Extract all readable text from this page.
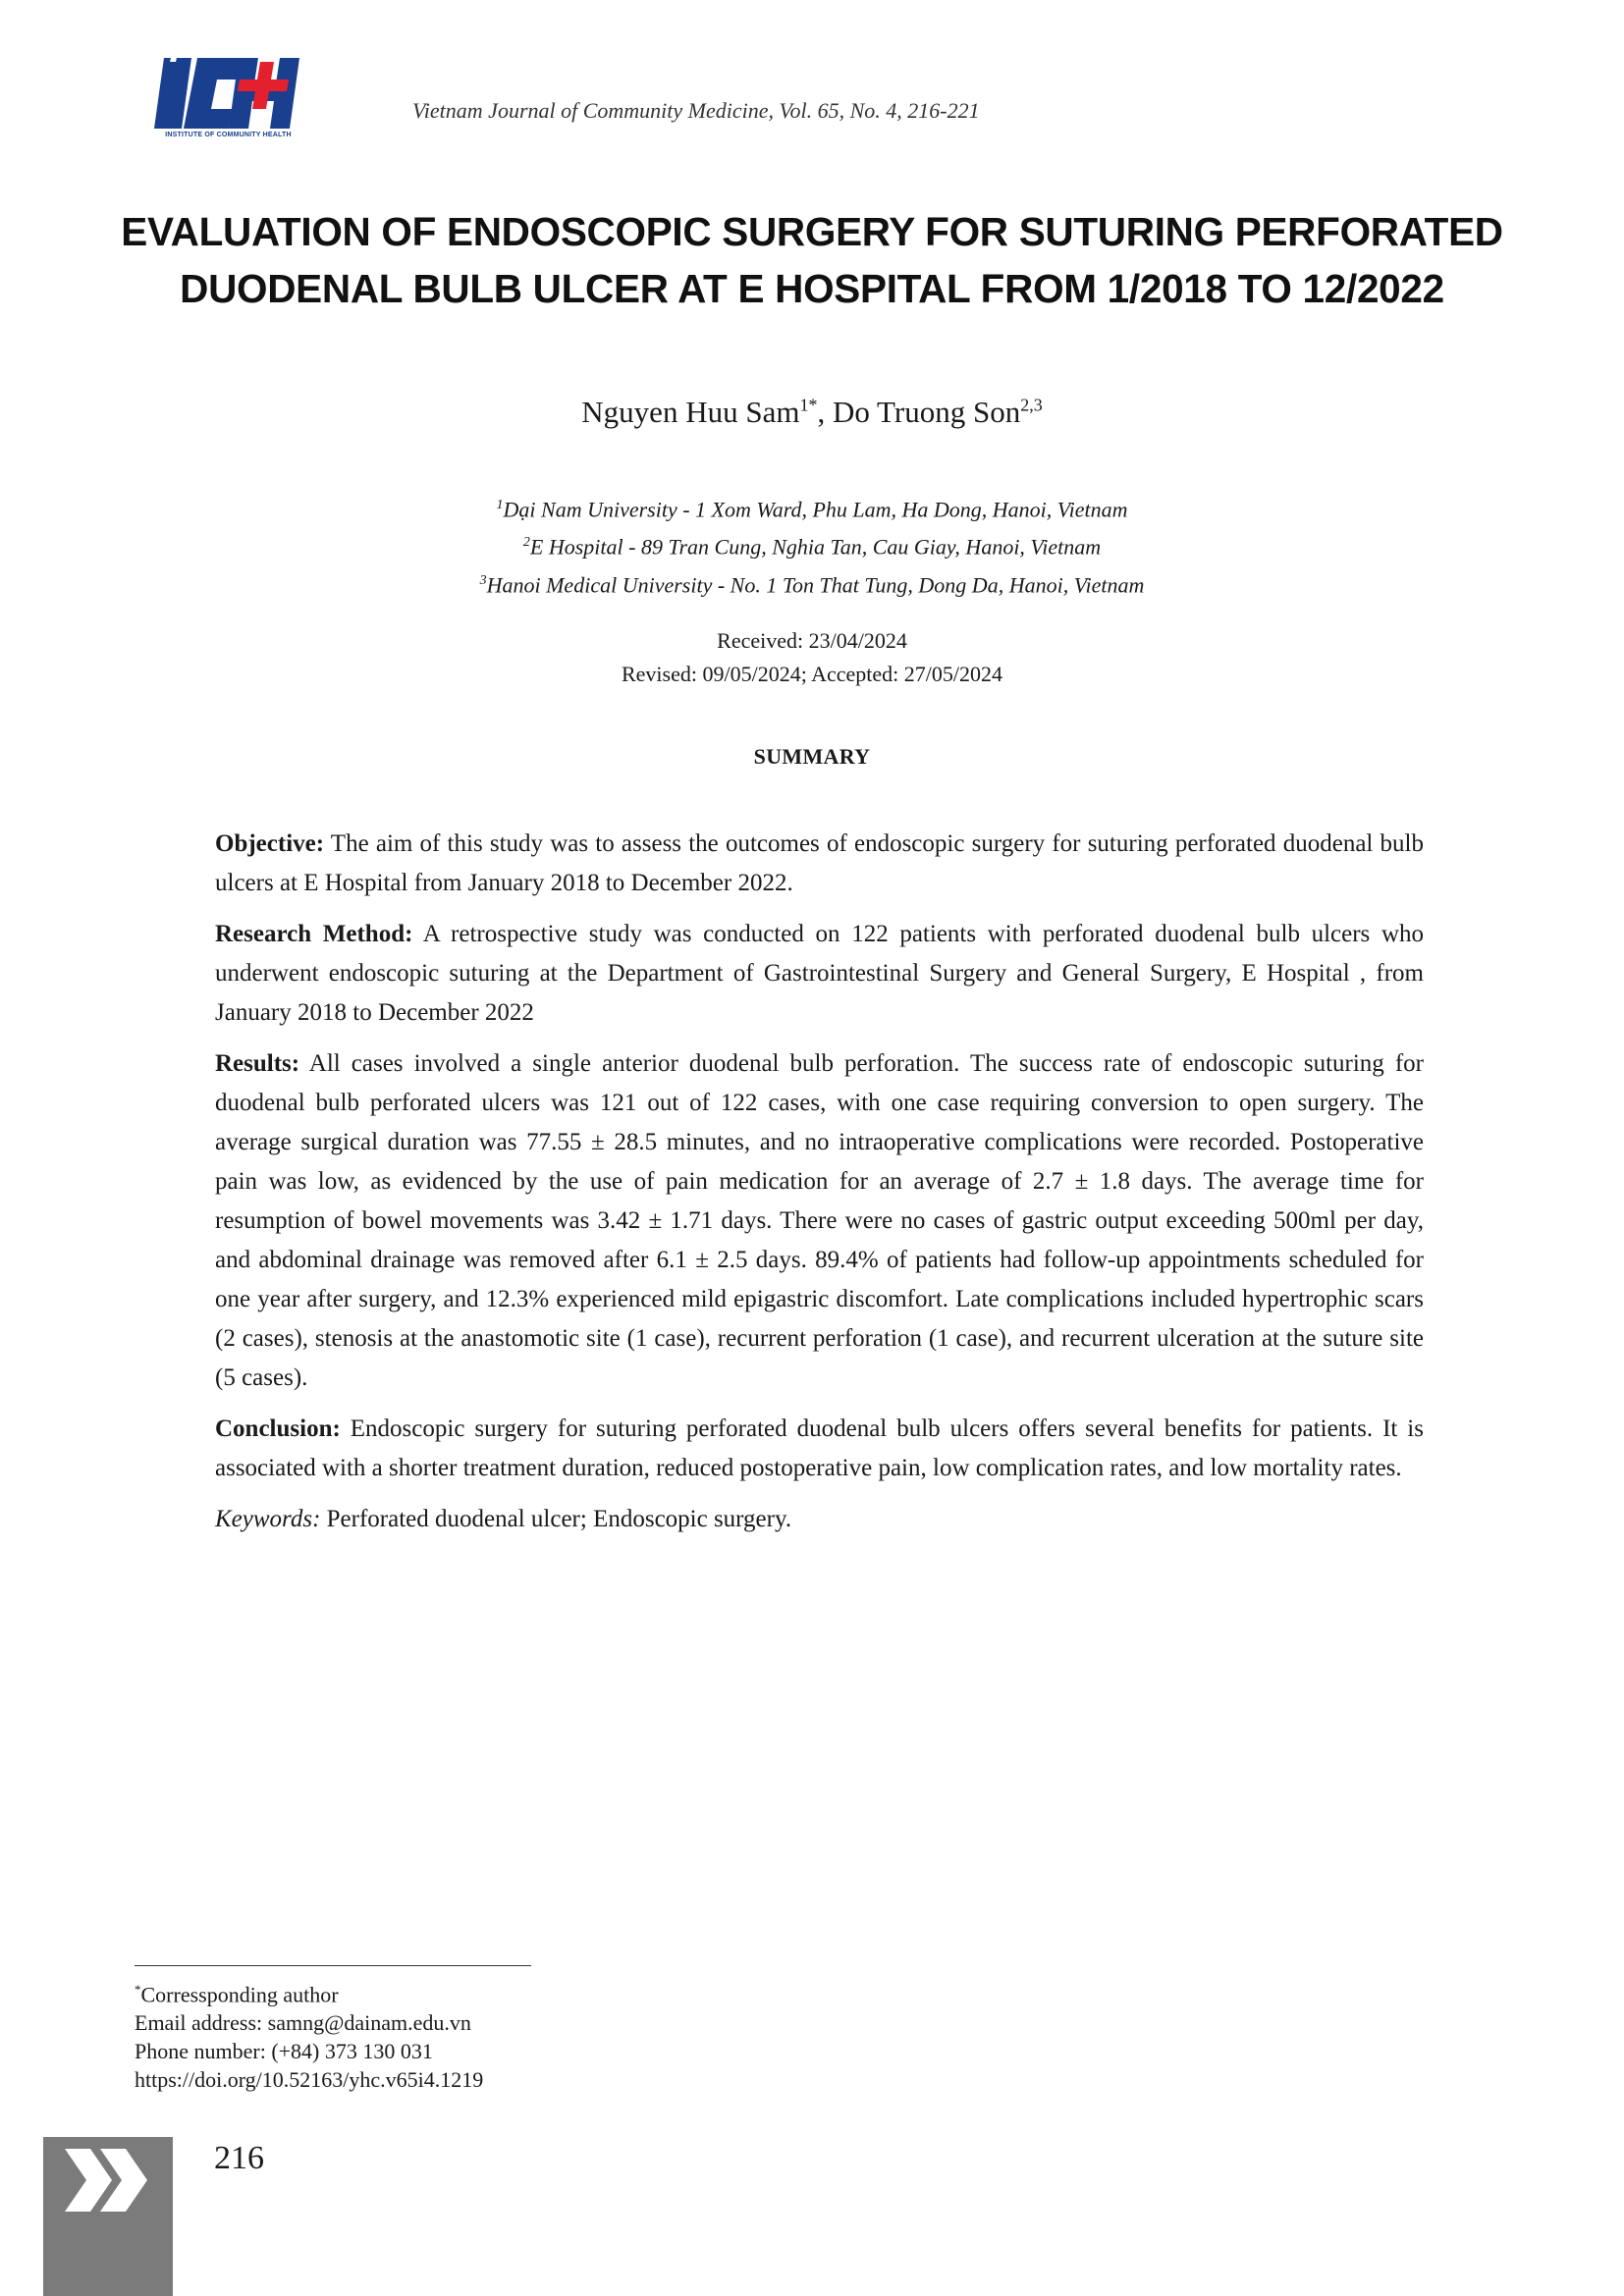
INSTITUTE OF COMMUNITY HEALTH
Vietnam Journal of Community Medicine, Vol. 65, No. 4, 216-221
EVALUATION OF ENDOSCOPIC SURGERY FOR SUTURING PERFORATED
DUODENAL BULB ULCER AT E HOSPITAL FROM 1/2018 TO 12/2022
Nguyen Huu Sam$^{1*}$, Do Truong Son$^{2,3}$
$^1$Dại Nam University - 1 Xom Ward, Phu Lam, Ha Dong, Hanoi, Vietnam
$^2$E Hospital - 89 Tran Cung, Nghia Tan, Cau Giay, Hanoi, Vietnam
$^3$Hanoi Medical University - No. 1 Ton That Tung, Dong Da, Hanoi, Vietnam
Received: 23/04/2024
Revised: 09/05/2024; Accepted: 27/05/2024
SUMMARY

Objective: The aim of this study was to assess the outcomes of endoscopic surgery for suturing perforated duodenal bulb ulcers at E Hospital from January 2018 to December 2022.

Research Method: A retrospective study was conducted on 122 patients with perforated duodenal bulb ulcers who underwent endoscopic suturing at the Department of Gastrointestinal Surgery and General Surgery, E Hospital , from January 2018 to December 2022

Results: All cases involved a single anterior duodenal bulb perforation. The success rate of endoscopic suturing for duodenal bulb perforated ulcers was 121 out of 122 cases, with one case requiring conversion to open surgery. The average surgical duration was 77.55 ± 28.5 minutes, and no intraoperative complications were recorded. Postoperative pain was low, as evidenced by the use of pain medication for an average of 2.7 ± 1.8 days. The average time for resumption of bowel movements was 3.42 ± 1.71 days. There were no cases of gastric output exceeding 500ml per day, and abdominal drainage was removed after 6.1 ± 2.5 days. 89.4% of patients had follow-up appointments scheduled for one year after surgery, and 12.3% experienced mild epigastric discomfort. Late complications included hypertrophic scars (2 cases), stenosis at the anastomotic site (1 case), recurrent perforation (1 case), and recurrent ulceration at the suture site (5 cases).

Conclusion: Endoscopic surgery for suturing perforated duodenal bulb ulcers offers several benefits for patients. It is associated with a shorter treatment duration, reduced postoperative pain, low complication rates, and low mortality rates.

Keywords: Perforated duodenal ulcer; Endoscopic surgery.

*Corressponding author
Email address: samng@dainam.edu.vn
Phone number: (+84) 373 130 031
https://doi.org/10.52163/yhc.v65i4.1219
216
